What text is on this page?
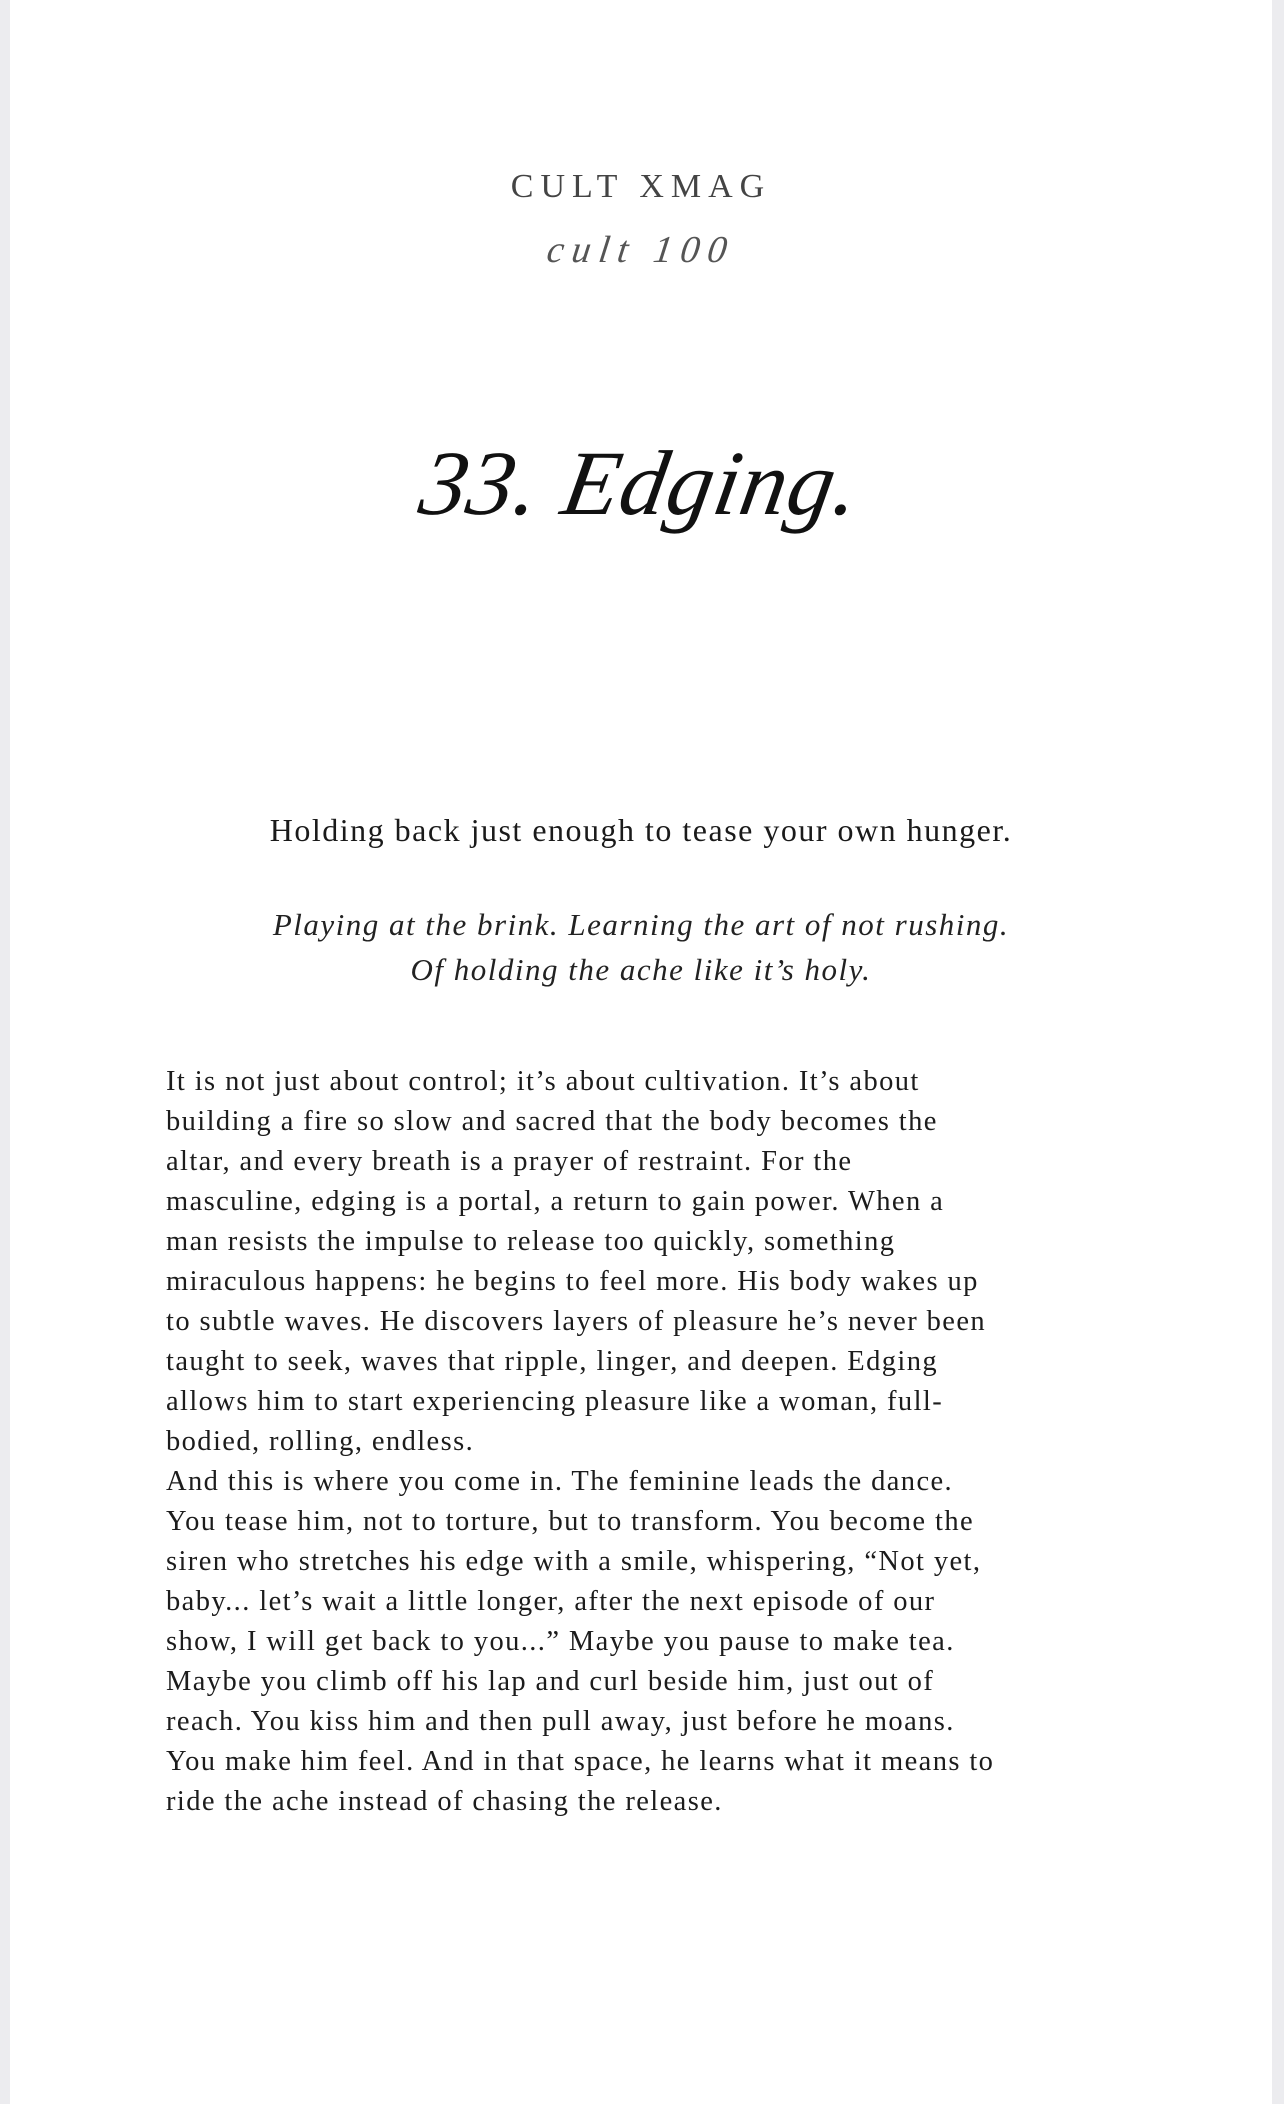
CULT XMAG
cult 100
33. Edging.
Holding back just enough to tease your own hunger.
Playing at the brink. Learning the art of not rushing.
Of holding the ache like it’s holy.
It is not just about control; it’s about cultivation. It’s about
building a fire so slow and sacred that the body becomes the
altar, and every breath is a prayer of restraint. For the
masculine, edging is a portal, a return to gain power. When a
man resists the impulse to release too quickly, something
miraculous happens: he begins to feel more. His body wakes up
to subtle waves. He discovers layers of pleasure he’s never been
taught to seek, waves that ripple, linger, and deepen. Edging
allows him to start experiencing pleasure like a woman, full-
bodied, rolling, endless.
And this is where you come in. The feminine leads the dance.
You tease him, not to torture, but to transform. You become the
siren who stretches his edge with a smile, whispering, “Not yet,
baby... let’s wait a little longer, after the next episode of our
show, I will get back to you...” Maybe you pause to make tea.
Maybe you climb off his lap and curl beside him, just out of
reach. You kiss him and then pull away, just before he moans.
You make him feel. And in that space, he learns what it means to
ride the ache instead of chasing the release.
